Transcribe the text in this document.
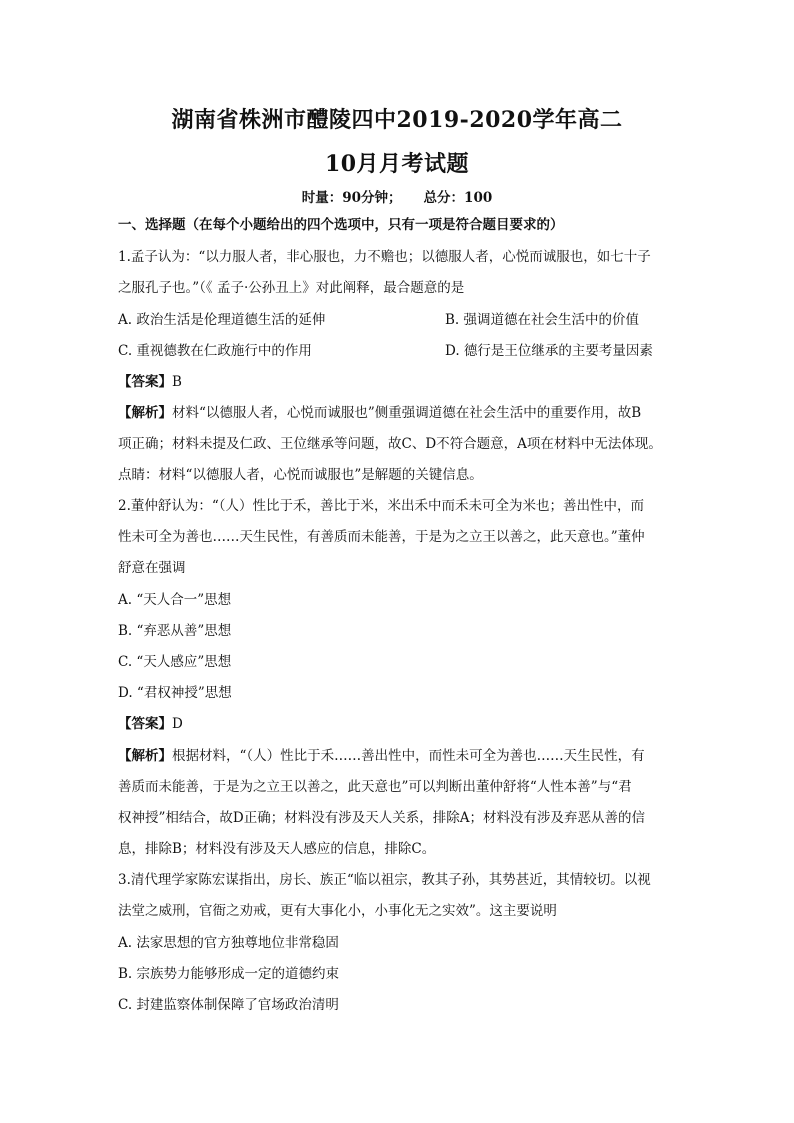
湖南省株洲市醴陵四中2019-2020学年高二
10月月考试题
时量：90分钟； 总分：100
一、选择题（在每个小题给出的四个选项中，只有一项是符合题目要求的）
1.孟子认为：“以力服人者，非心服也，力不赡也；以德服人者，心悦而诚服也，如七十子
之服孔子也。”（《 孟子·公孙丑上》对此阐释，最合题意的是
A. 政治生活是伦理道德生活的延伸	B. 强调道德在社会生活中的价值
C. 重视德教在仁政施行中的作用	D. 德行是王位继承的主要考量因素
【答案】B
【解析】材料“以德服人者，心悦而诚服也”侧重强调道德在社会生活中的重要作用，故B
项正确；材料未提及仁政、王位继承等问题，故C、D不符合题意，A项在材料中无法体现。
点睛：材料“以德服人者，心悦而诚服也”是解题的关键信息。
2.董仲舒认为：“（人）性比于禾，善比于米，米出禾中而禾未可全为米也；善出性中，而
性未可全为善也……天生民性，有善质而未能善，于是为之立王以善之，此天意也。”董仲
舒意在强调
A. “天人合一”思想
B. “弃恶从善”思想
C. “天人感应”思想
D. “君权神授”思想
【答案】D
【解析】根据材料，“（人）性比于禾……善出性中，而性未可全为善也……天生民性，有
善质而未能善，于是为之立王以善之，此天意也”可以判断出董仲舒将“人性本善”与“君
权神授”相结合，故D正确；材料没有涉及天人关系，排除A；材料没有涉及弃恶从善的信
息，排除B；材料没有涉及天人感应的信息，排除C。
3.清代理学家陈宏谋指出，房长、族正“临以祖宗，教其子孙，其势甚近，其情较切。以视
法堂之威刑，官衙之劝戒，更有大事化小，小事化无之实效”。这主要说明
A. 法家思想的官方独尊地位非常稳固
B. 宗族势力能够形成一定的道德约束
C. 封建监察体制保障了官场政治清明
